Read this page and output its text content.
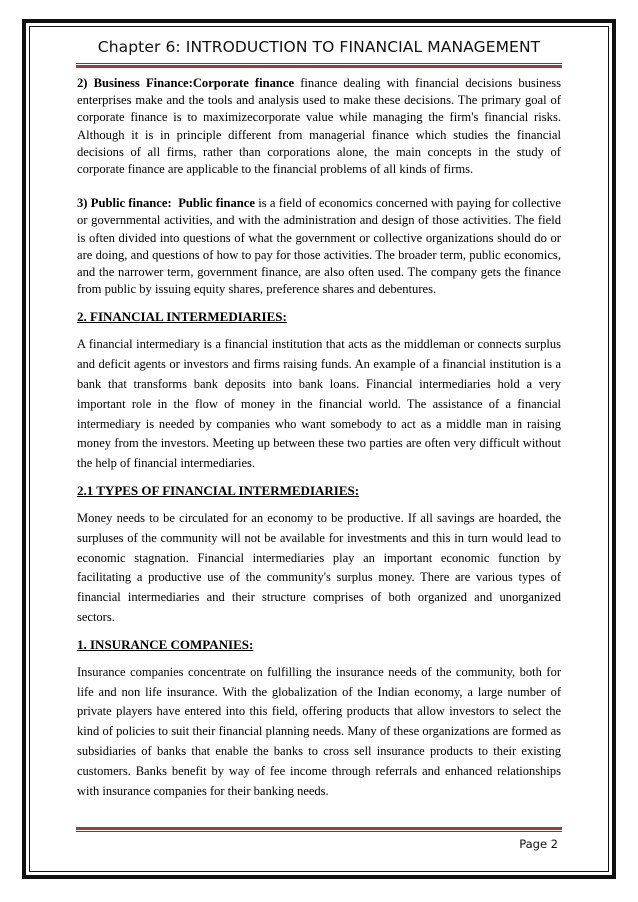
Chapter 6: INTRODUCTION TO FINANCIAL MANAGEMENT

2) Business Finance:Corporate finance finance dealing with financial decisions business enterprises make and the tools and analysis used to make these decisions. The primary goal of corporate finance is to maximizecorporate value while managing the firm's financial risks. Although it is in principle different from managerial finance which studies the financial decisions of all firms, rather than corporations alone, the main concepts in the study of corporate finance are applicable to the financial problems of all kinds of firms.

3) Public finance: Public finance is a field of economics concerned with paying for collective or governmental activities, and with the administration and design of those activities. The field is often divided into questions of what the government or collective organizations should do or are doing, and questions of how to pay for those activities. The broader term, public economics, and the narrower term, government finance, are also often used. The company gets the finance from public by issuing equity shares, preference shares and debentures.

2. FINANCIAL INTERMEDIARIES:

A financial intermediary is a financial institution that acts as the middleman or connects surplus and deficit agents or investors and firms raising funds. An example of a financial institution is a bank that transforms bank deposits into bank loans. Financial intermediaries hold a very important role in the flow of money in the financial world. The assistance of a financial intermediary is needed by companies who want somebody to act as a middle man in raising money from the investors. Meeting up between these two parties are often very difficult without the help of financial intermediaries.

2.1 TYPES OF FINANCIAL INTERMEDIARIES:

Money needs to be circulated for an economy to be productive. If all savings are hoarded, the surpluses of the community will not be available for investments and this in turn would lead to economic stagnation. Financial intermediaries play an important economic function by facilitating a productive use of the community's surplus money. There are various types of financial intermediaries and their structure comprises of both organized and unorganized sectors.

1. INSURANCE COMPANIES:

Insurance companies concentrate on fulfilling the insurance needs of the community, both for life and non life insurance. With the globalization of the Indian economy, a large number of private players have entered into this field, offering products that allow investors to select the kind of policies to suit their financial planning needs. Many of these organizations are formed as subsidiaries of banks that enable the banks to cross sell insurance products to their existing customers. Banks benefit by way of fee income through referrals and enhanced relationships with insurance companies for their banking needs.

Page 2
